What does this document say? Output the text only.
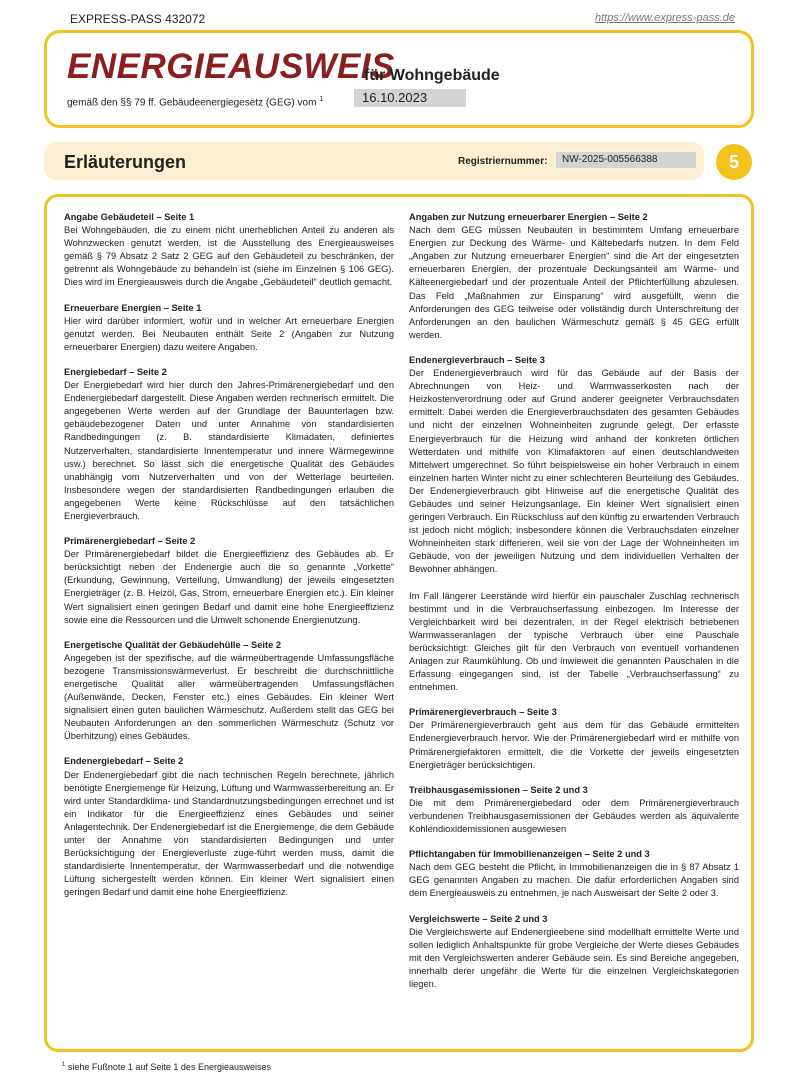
EXPRESS-PASS 432072	https://www.express-pass.de
ENERGIEAUSWEIS
für Wohngebäude
gemäß den §§ 79 ff. Gebäudeenergiegesetz (GEG) vom $^1$	16.10.2023
Erläuterungen	Registriernummer:	NW-2025-005566388	5
Angabe Gebäudeteil – Seite 1
Bei Wohngebäuden, die zu einem nicht unerheblichen Anteil zu anderen als Wohnzwecken genutzt werden, ist die Ausstellung des Energieausweises gemäß § 79 Absatz 2 Satz 2 GEG auf den Gebäudeteil zu beschränken, der getrennt als Wohngebäude zu behandeln ist (siehe im Einzelnen § 106 GEG). Dies wird im Energieausweis durch die Angabe „Gebäudeteil“ deutlich gemacht.
Erneuerbare Energien – Seite 1
Hier wird darüber informiert, wofür und in welcher Art erneuerbare Energien genutzt werden. Bei Neubauten enthält Seite 2 (Angaben zur Nutzung erneuerbarer Energien) dazu weitere Angaben.
Energiebedarf – Seite 2
Der Energiebedarf wird hier durch den Jahres-Primärenergiebedarf und den Endenergiebedarf dargestellt. Diese Angaben werden rechnerisch ermittelt. Die angegebenen Werte werden auf der Grundlage der Bauunterlagen bzw. gebäudebezogener Daten und unter Annahme von standardisierten Randbedingungen (z. B. standardisierte Klimadaten, definiertes Nutzerverhalten, standardisierte Innentemperatur und innere Wärmegewinne usw.) berechnet. So lässt sich die energetische Qualität des Gebäudes unabhängig vom Nutzerverhalten und von der Wetterlage beurteilen. Insbesondere wegen der standardisierten Randbedingungen erlauben die angegebenen Werte keine Rückschlüsse auf den tatsächlichen Energieverbrauch.
Primärenergiebedarf – Seite 2
Der Primärenergiebedarf bildet die Energieeffizienz des Gebäudes ab. Er berücksichtigt neben der Endenergie auch die so genannte „Vorkette“ (Erkundung, Gewinnung, Verteilung, Umwandlung) der jeweils eingesetzten Energieträger (z. B. Heizöl, Gas, Strom, erneuerbare Energien etc.). Ein kleiner Wert signalisiert einen geringen Bedarf und damit eine hohe Energieeffizienz sowie eine die Ressourcen und die Umwelt schonende Energienutzung.
Energetische Qualität der Gebäudehülle – Seite 2
Angegeben ist der spezifische, auf die wärmeübertragende Umfassungsfläche bezogene Transmissionswärmeverlust. Er beschreibt die durchschnittliche energetische Qualität aller wärmeübertragenden Umfassungsflächen (Außenwände, Decken, Fenster etc.) eines Gebäudes. Ein kleiner Wert signalisiert einen guten baulichen Wärmeschutz. Außerdem stellt das GEG bei Neubauten Anforderungen an den sommerlichen Wärmeschutz (Schutz vor Überhitzung) eines Gebäudes.
Endenergiebedarf – Seite 2
Der Endenergiebedarf gibt die nach technischen Regeln berechnete, jährlich benötigte Energiemenge für Heizung, Lüftung und Warmwasserbereitung an. Er wird unter Standardklima- und Standardnutzungsbedingungen errechnet und ist ein Indikator für die Energieeffizienz eines Gebäudes und seiner Anlagentechnik. Der Endenergiebedarf ist die Energiemenge, die dem Gebäude unter der Annahme von standardisierten Bedingungen und unter Berücksichtigung der Energieverluste zuge-führt werden muss, damit die standardisierte Innentemperatur, der Warmwasserbedarf und die notwendige Lüftung sichergestellt werden können. Ein kleiner Wert signalisiert einen geringen Bedarf und damit eine hohe Energieeffizienz.
Angaben zur Nutzung erneuerbarer Energien – Seite 2
Nach dem GEG müssen Neubauten in bestimmtem Umfang erneuerbare Energien zur Deckung des Wärme- und Kältebedarfs nutzen. In dem Feld „Angaben zur Nutzung erneuerbarer Energien“ sind die Art der eingesetzten erneuerbaren Energien, der prozentuale Deckungsanteil am Wärme- und Kälteenergiebedarf und der prozentuale Anteil der Pflichterfüllung abzulesen. Das Feld „Maßnahmen zur Einsparung“ wird ausgefüllt, wenn die Anforderungen des GEG teilweise oder vollständig durch Unterschreitung der Anforderungen an den baulichen Wärmeschutz gemäß § 45 GEG erfüllt werden.
Endenergieverbrauch – Seite 3
Der Endenergieverbrauch wird für das Gebäude auf der Basis der Abrechnungen von Heiz- und Warmwasserkosten nach der Heizkostenverordnung oder auf Grund anderer geeigneter Verbrauchsdaten ermittelt. Dabei werden die Energieverbrauchsdaten des gesamten Gebäudes und nicht der einzelnen Wohneinheiten zugrunde gelegt. Der erfasste Energieverbrauch für die Heizung wird anhand der konkreten örtlichen Wetterdaten und mithilfe von Klimafaktoren auf einen deutschlandweiten Mittelwert umgerechnet. So führt beispielsweise ein hoher Verbrauch in einem einzelnen harten Winter nicht zu einer schlechteren Beurteilung des Gebäudes. Der Endenergieverbrauch gibt Hinweise auf die energetische Qualität des Gebäudes und seiner Heizungsanlage. Ein kleiner Wert signalisiert einen geringen Verbrauch. Ein Rückschluss auf den künftig zu erwartenden Verbrauch ist jedoch nicht möglich; insbesondere können die Verbrauchsdaten einzelner Wohneinheiten stark differieren, weil sie von der Lage der Wohneinheiten im Gebäude, von der jeweiligen Nutzung und dem individuellen Verhalten der Bewohner abhängen.
Im Fall längerer Leerstände wird hierfür ein pauschaler Zuschlag rechnerisch bestimmt und in die Verbrauchserfassung einbezogen. Im Interesse der Vergleichbarkeit wird bei dezentralen, in der Regel elektrisch betriebenen Warmwasseranlagen der typische Verbrauch über eine Pauschale berücksichtigt: Gleiches gilt für den Verbrauch von eventuell vorhandenen Anlagen zur Raumkühlung. Ob und inwieweit die genannten Pauschalen in die Erfassung eingegangen sind, ist der Tabelle „Verbrauchserfassung“ zu entnehmen.
Primärenergieverbrauch – Seite 3
Der Primärenergieverbrauch geht aus dem für das Gebäude ermittelten Endenergieverbrauch hervor. Wie der Primärenergiebedarf wird er mithilfe von Primärenergiefaktoren ermittelt, die die Vorkette der jeweils eingesetzten Energieträger berücksichtigen.
Treibhausgasemissionen – Seite 2 und 3
Die mit dem Primärenergiebedard oder dem Primärenergieverbrauch verbundenen Treibhausgasemissionen der Gebäudes werden als äquivalente Kohlendioxidemissionen ausgewiesen
Pflichtangaben für Immobilienanzeigen – Seite 2 und 3
Nach dem GEG besteht die Pflicht, in Immobilienanzeigen die in § 87 Absatz 1 GEG genannten Angaben zu machen. Die dafür erforderlichen Angaben sind dem Energieausweis zu entnehmen, je nach Ausweisart der Seite 2 oder 3.
Vergleichswerte – Seite 2 und 3
Die Vergleichswerte auf Endenergieebene sind modellhaft ermittelte Werte und sollen lediglich Anhaltspunkte für grobe Vergleiche der Werte dieses Gebäudes mit den Vergleichswerten anderer Gebäude sein. Es sind Bereiche angegeben, innerhalb derer ungefähr die Werte für die einzelnen Vergleichskategorien liegen.
$^1$ siehe Fußnote 1 auf Seite 1 des Energieausweises
